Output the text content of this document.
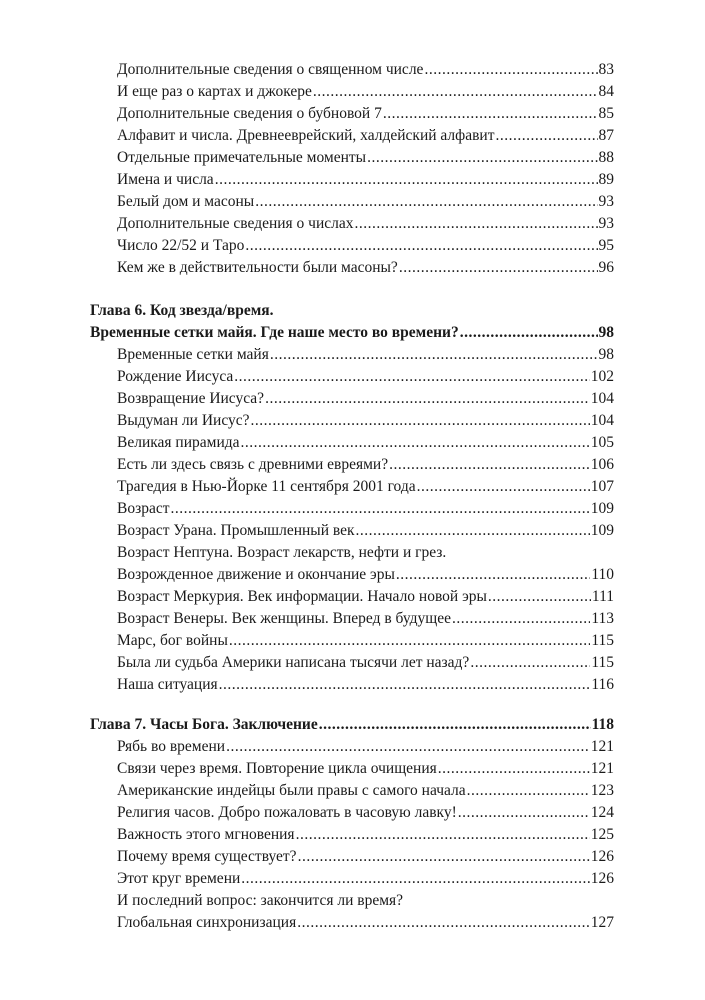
Дополнительные сведения о священном числе .....	83
И еще раз о картах и джокере .....	84
Дополнительные сведения о бубновой 7 .....	85
Алфавит и числа. Древнееврейский, халдейский алфавит .....	87
Отдельные примечательные моменты .....	88
Имена и числа .....	89
Белый дом и масоны .....	93
Дополнительные сведения о числах .....	93
Число 22/52 и Таро .....	95
Кем же в действительности были масоны? .....	96
Глава 6. Код звезда/время.
Временные сетки майя. Где наше место во времени? .....	98
Временные сетки майя .....	98
Рождение Иисуса .....	102
Возвращение Иисуса? .....	104
Выдуман ли Иисус? .....	104
Великая пирамида .....	105
Есть ли здесь связь с древними евреями? .....	106
Трагедия в Нью-Йорке 11 сентября 2001 года .....	107
Возраст .....	109
Возраст Урана. Промышленный век .....	109
Возраст Нептуна. Возраст лекарств, нефти и грез.
Возрожденное движение и окончание эры .....	110
Возраст Меркурия. Век информации. Начало новой эры .....	111
Возраст Венеры. Век женщины. Вперед в будущее .....	113
Марс, бог войны .....	115
Была ли судьба Америки написана тысячи лет назад? .....	115
Наша ситуация .....	116
Глава 7. Часы Бога. Заключение .....	118
Рябь во времени .....	121
Связи через время. Повторение цикла очищения .....	121
Американские индейцы были правы с самого начала .....	123
Религия часов. Добро пожаловать в часовую лавку! .....	124
Важность этого мгновения .....	125
Почему время существует? .....	126
Этот круг времени .....	126
И последний вопрос: закончится ли время?
Глобальная синхронизация .....	127
